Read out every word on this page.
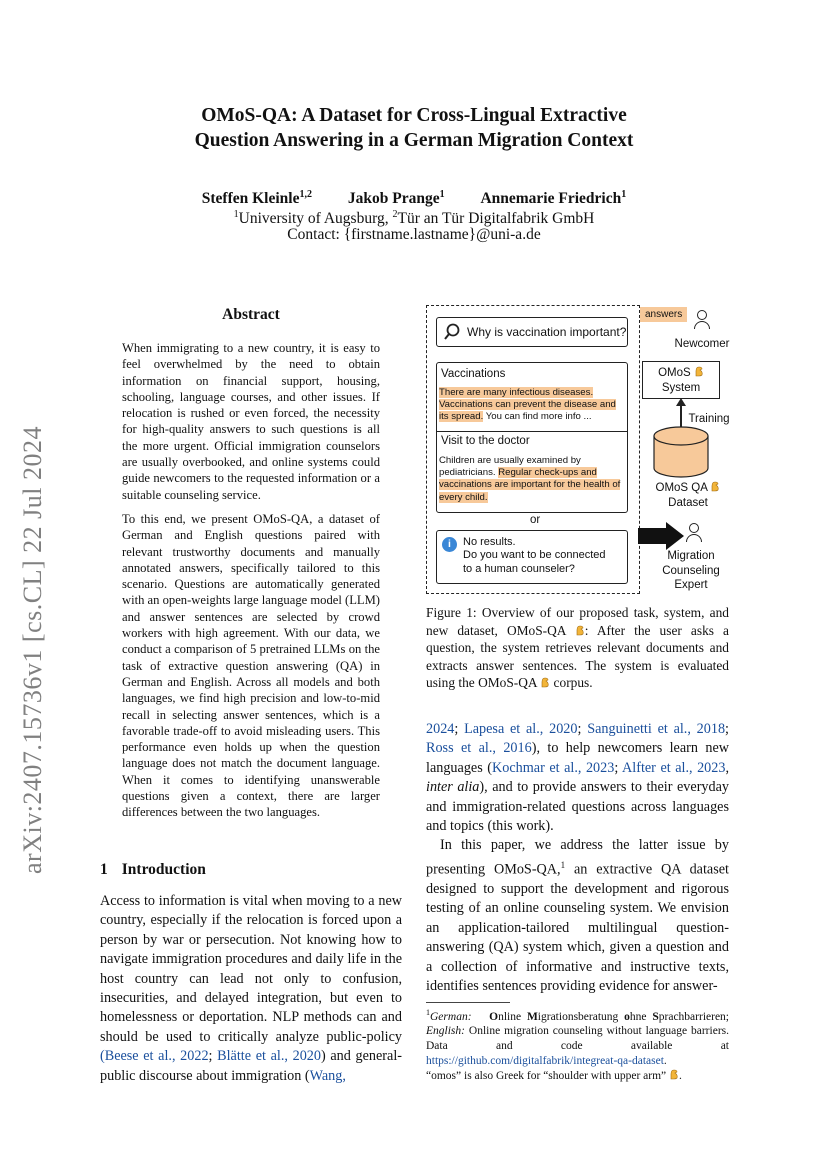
arXiv:2407.15736v1 [cs.CL] 22 Jul 2024
OMoS-QA: A Dataset for Cross-Lingual Extractive
Question Answering in a German Migration Context
Steffen Kleinle$^{1,2}$ Jakob Prange$^1$ Annemarie Friedrich$^1$
$^1$University of Augsburg, $^2$Tür an Tür Digitalfabrik GmbH
Contact: {firstname.lastname}@uni-a.de
Abstract

When immigrating to a new country, it is easy to feel overwhelmed by the need to obtain information on financial support, housing, schooling, language courses, and other issues. If relocation is rushed or even forced, the necessity for high-quality answers to such questions is all the more urgent. Official immigration counselors are usually overbooked, and online systems could guide newcomers to the requested information or a suitable counseling service.

To this end, we present OMoS-QA, a dataset of German and English questions paired with relevant trustworthy documents and manually annotated answers, specifically tailored to this scenario. Questions are automatically generated with an open-weights large language model (LLM) and answer sentences are selected by crowd workers with high agreement. With our data, we conduct a comparison of 5 pretrained LLMs on the task of extractive question answering (QA) in German and English. Across all models and both languages, we find high precision and low-to-mid recall in selecting answer sentences, which is a favorable trade-off to avoid misleading users. This performance even holds up when the question language does not match the document language. When it comes to identifying unanswerable questions given a context, there are larger differences between the two languages.

1 Introduction

Access to information is vital when moving to a new country, especially if the relocation is forced upon a person by war or persecution. Not knowing how to navigate immigration procedures and daily life in the host country can lead not only to confusion, insecurities, and delayed integration, but even to homelessness or deportation. NLP methods can and should be used to critically analyze public-policy (Beese et al., 2022; Blätte et al., 2020) and general-public discourse about immigration (Wang,

Why is vaccination important?
Vaccinations
There are many infectious diseases. Vaccinations can prevent the disease and its spread. You can find more info ...
Visit to the doctor
Children are usually examined by pediatricians. Regular check-ups and vaccinations are important for the health of every child.
or
i	No results.
Do you want to be connected
to a human counseler?
answers
Newcomer
OMoS
System
Training
OMoS QA
Dataset
Migration
Counseling
Expert
Figure 1: Overview of our proposed task, system, and new dataset, OMoS-QA : After the user asks a question, the system retrieves relevant documents and extracts answer sentences. The system is evaluated using the OMoS-QA  corpus.

2024; Lapesa et al., 2020; Sanguinetti et al., 2018; Ross et al., 2016), to help newcomers learn new languages (Kochmar et al., 2023; Alfter et al., 2023, inter alia), and to provide answers to their everyday and immigration-related questions across languages and topics (this work).

In this paper, we address the latter issue by presenting OMoS-QA,$^1$ an extractive QA dataset designed to support the development and rigorous testing of an online counseling system. We envision an application-tailored multilingual question-answering (QA) system which, given a question and a collection of informative and instructive texts, identifies sentences providing evidence for answer-

$^1$German: Online Migrationsberatung ohne Sprachbarrieren; English: Online migration counseling without language barriers. Data and code available at https://github.com/digitalfabrik/integreat-qa-dataset.
“omos” is also Greek for “shoulder with upper arm” .
